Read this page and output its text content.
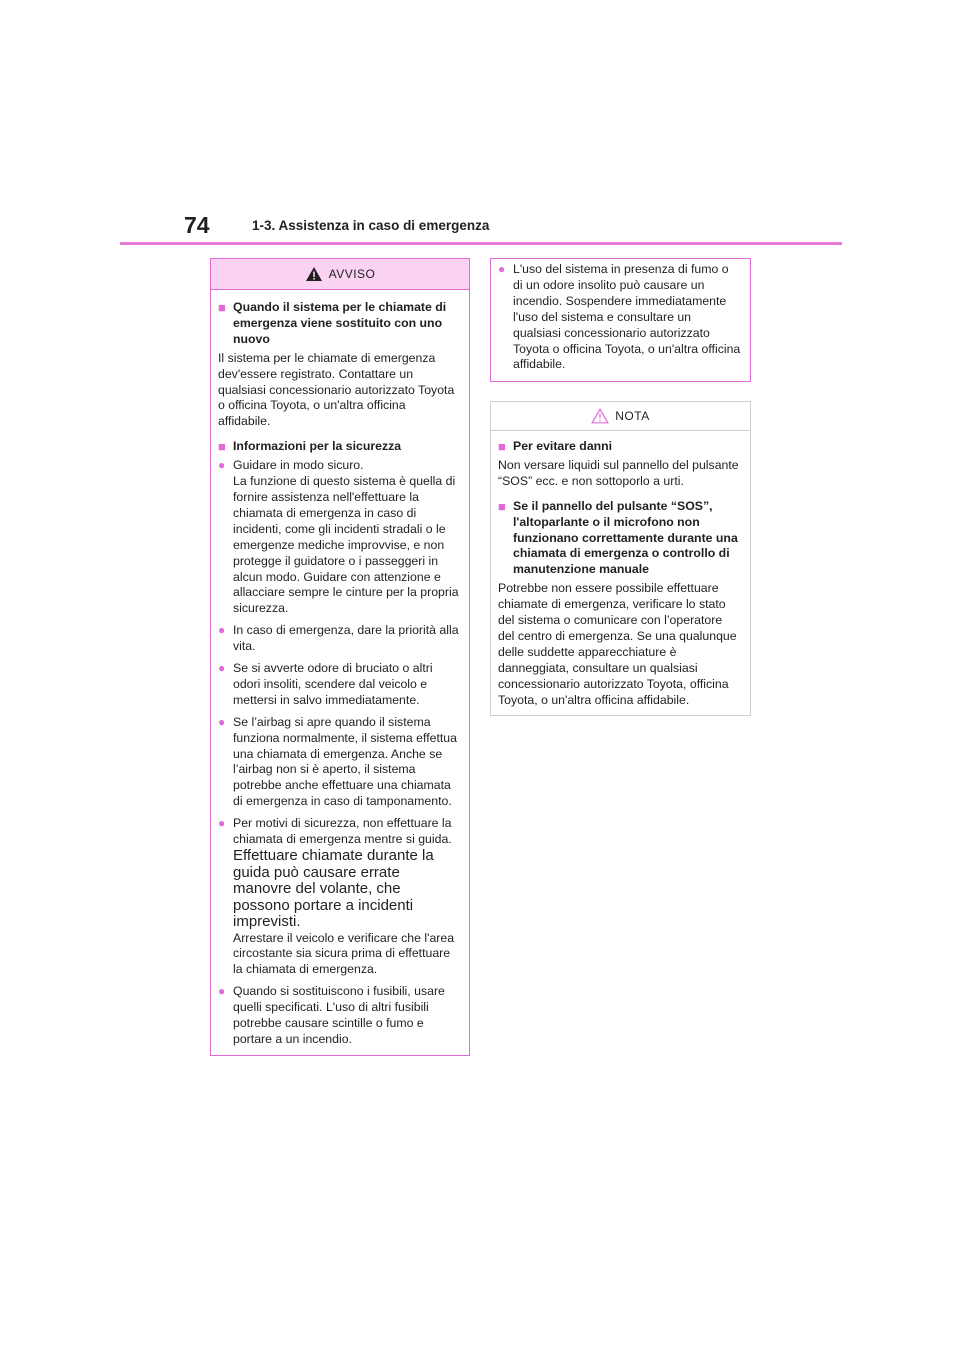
74	1-3. Assistenza in caso di emergenza
AVVISO
■ Quando il sistema per le chiamate di emergenza viene sostituito con uno nuovo
Il sistema per le chiamate di emergenza dev'essere registrato. Contattare un qualsiasi concessionario autorizzato Toyota o officina Toyota, o un'altra officina affidabile.
■ Informazioni per la sicurezza
● Guidare in modo sicuro.
La funzione di questo sistema è quella di fornire assistenza nell'effettuare la chiamata di emergenza in caso di incidenti, come gli incidenti stradali o le emergenze mediche improvvise, e non protegge il guidatore o i passeggeri in alcun modo. Guidare con attenzione e allacciare sempre le cinture per la propria sicurezza.
● In caso di emergenza, dare la priorità alla vita.
● Se si avverte odore di bruciato o altri odori insoliti, scendere dal veicolo e mettersi in salvo immediatamente.
● Se l’airbag si apre quando il sistema funziona normalmente, il sistema effettua una chiamata di emergenza. Anche se l’airbag non si è aperto, il sistema potrebbe anche effettuare una chiamata di emergenza in caso di tamponamento.
● Per motivi di sicurezza, non effettuare la chiamata di emergenza mentre si guida.
Effettuare chiamate durante la guida può causare errate manovre del volante, che possono portare a incidenti imprevisti.
Arrestare il veicolo e verificare che l'area circostante sia sicura prima di effettuare la chiamata di emergenza.
● Quando si sostituiscono i fusibili, usare quelli specificati. L'uso di altri fusibili potrebbe causare scintille o fumo e portare a un incendio.
● L'uso del sistema in presenza di fumo o di un odore insolito può causare un incendio. Sospendere immediatamente l'uso del sistema e consultare un qualsiasi concessionario autorizzato Toyota o officina Toyota, o un'altra officina affidabile.
NOTA
■ Per evitare danni
Non versare liquidi sul pannello del pulsante “SOS” ecc. e non sottoporlo a urti.
■ Se il pannello del pulsante “SOS”, l'altoparlante o il microfono non funzionano correttamente durante una chiamata di emergenza o controllo di manutenzione manuale
Potrebbe non essere possibile effettuare chiamate di emergenza, verificare lo stato del sistema o comunicare con l’operatore del centro di emergenza. Se una qualunque delle suddette apparecchiature è danneggiata, consultare un qualsiasi concessionario autorizzato Toyota, officina Toyota, o un'altra officina affidabile.
